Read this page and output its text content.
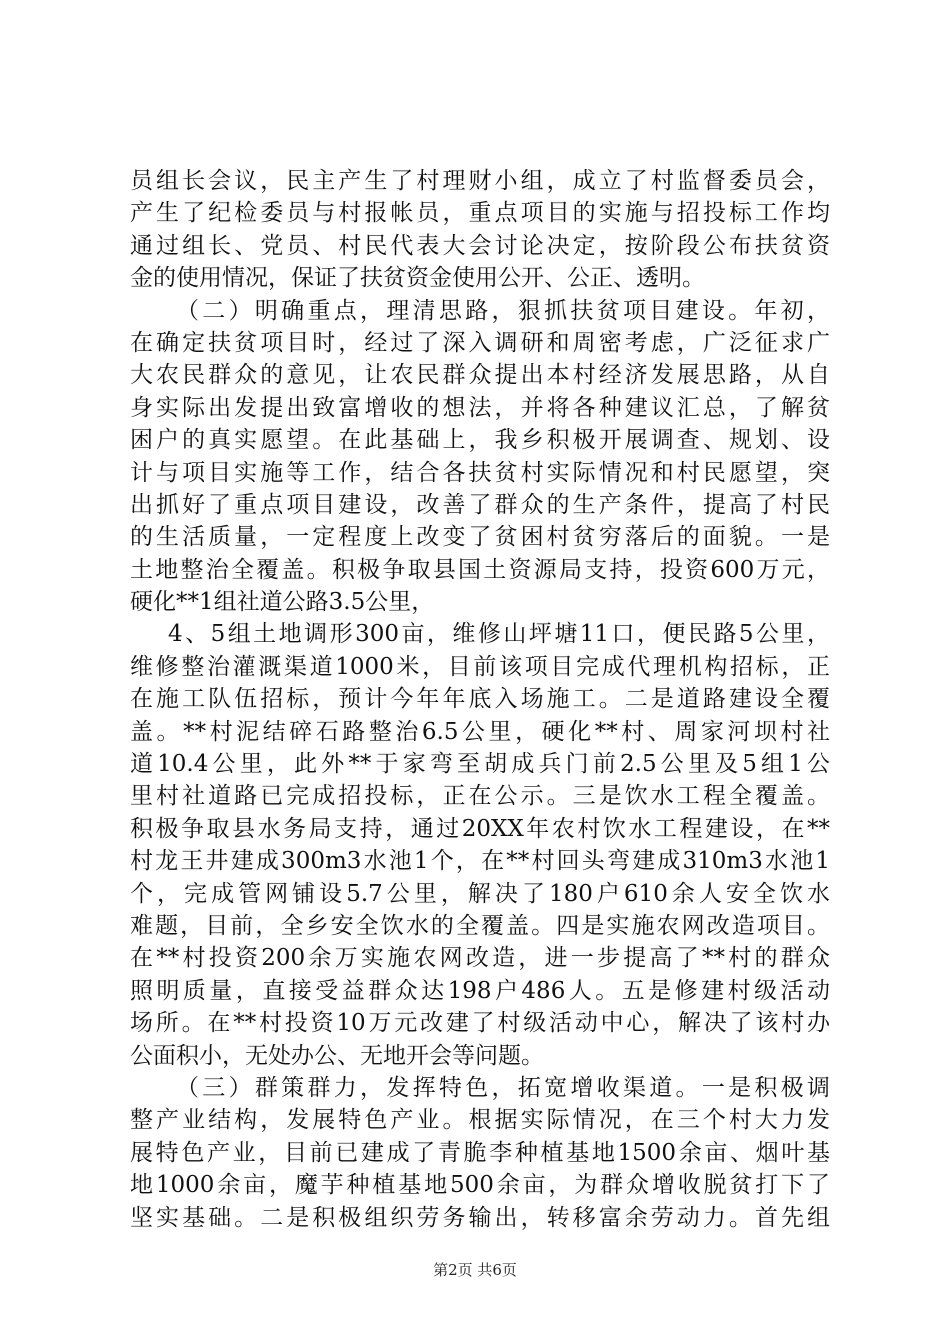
员组长会议，民主产生了村理财小组，成立了村监督委员会，
产生了纪检委员与村报帐员，重点项目的实施与招投标工作均
通过组长、党员、村民代表大会讨论决定，按阶段公布扶贫资
金的使用情况，保证了扶贫资金使用公开、公正、透明。
（二）明确重点，理清思路，狠抓扶贫项目建设。年初，
在确定扶贫项目时，经过了深入调研和周密考虑，广泛征求广
大农民群众的意见，让农民群众提出本村经济发展思路，从自
身实际出发提出致富增收的想法，并将各种建议汇总，了解贫
困户的真实愿望。在此基础上，我乡积极开展调查、规划、设
计与项目实施等工作，结合各扶贫村实际情况和村民愿望，突
出抓好了重点项目建设，改善了群众的生产条件，提高了村民
的生活质量，一定程度上改变了贫困村贫穷落后的面貌。一是
土地整治全覆盖。积极争取县国土资源局支持，投资600万元，
硬化**1组社道公路3.5公里，
4、5组土地调形300亩，维修山坪塘11口，便民路5公里，
维修整治灌溉渠道1000米，目前该项目完成代理机构招标，正
在施工队伍招标，预计今年年底入场施工。二是道路建设全覆
盖。**村泥结碎石路整治6.5公里，硬化**村、周家河坝村社
道10.4公里，此外**于家弯至胡成兵门前2.5公里及5组1公
里村社道路已完成招投标，正在公示。三是饮水工程全覆盖。
积极争取县水务局支持，通过20XX年农村饮水工程建设，在**
村龙王井建成300m3水池1个，在**村回头弯建成310m3水池1
个，完成管网铺设5.7公里，解决了180户610余人安全饮水
难题，目前，全乡安全饮水的全覆盖。四是实施农网改造项目。
在**村投资200余万实施农网改造，进一步提高了**村的群众
照明质量，直接受益群众达198户486人。五是修建村级活动
场所。在**村投资10万元改建了村级活动中心，解决了该村办
公面积小，无处办公、无地开会等问题。
（三）群策群力，发挥特色，拓宽增收渠道。一是积极调
整产业结构，发展特色产业。根据实际情况，在三个村大力发
展特色产业，目前已建成了青脆李种植基地1500余亩、烟叶基
地1000余亩，魔芋种植基地500余亩，为群众增收脱贫打下了
坚实基础。二是积极组织劳务输出，转移富余劳动力。首先组
第2页 共6页
